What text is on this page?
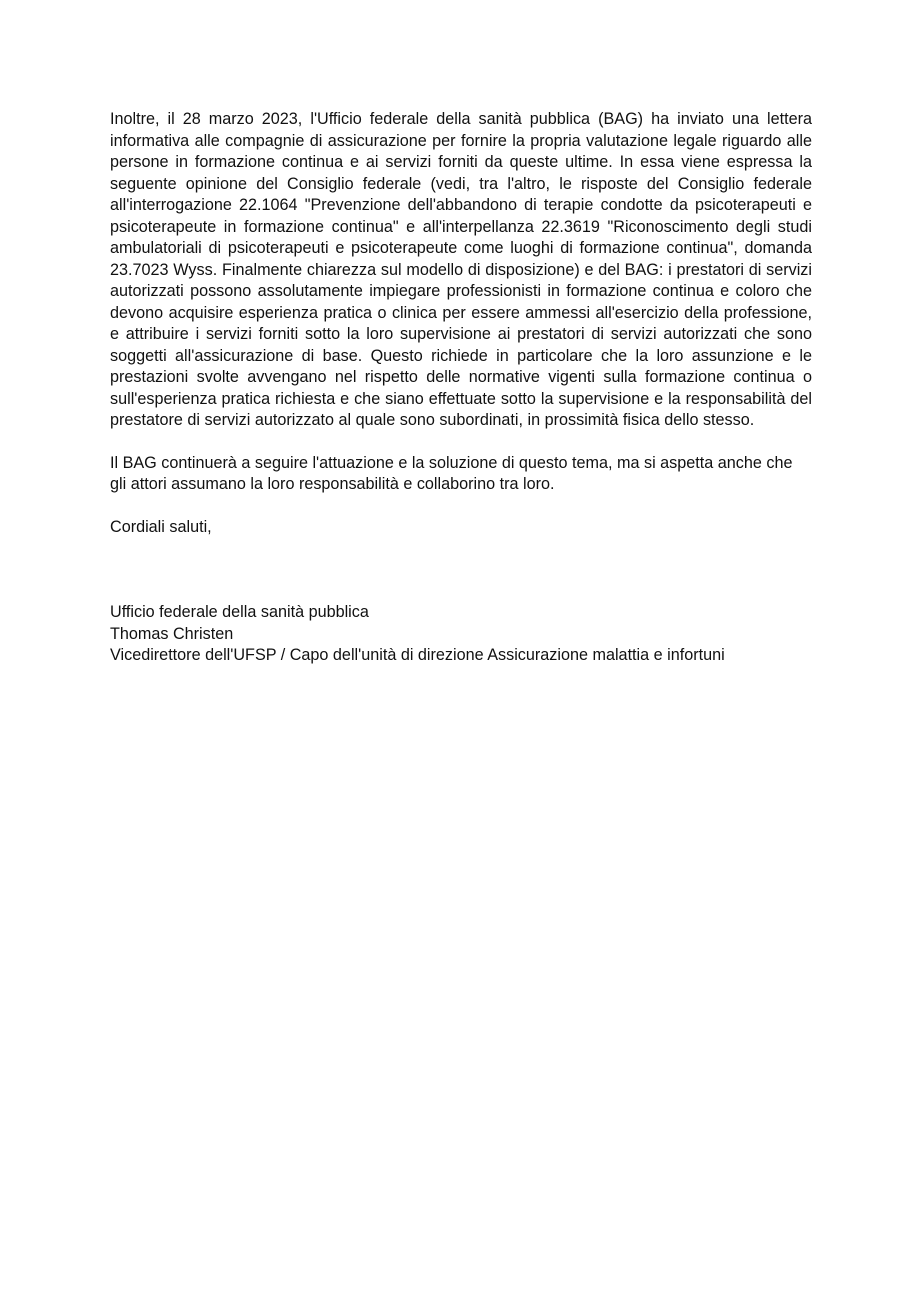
Inoltre, il 28 marzo 2023, l'Ufficio federale della sanità pubblica (BAG) ha inviato una lettera informativa alle compagnie di assicurazione per fornire la propria valutazione legale riguardo alle persone in formazione continua e ai servizi forniti da queste ultime. In essa viene espressa la seguente opinione del Consiglio federale (vedi, tra l'altro, le risposte del Consiglio federale all'interrogazione 22.1064 "Prevenzione dell'abbandono di terapie condotte da psicoterapeuti e psicoterapeute in formazione continua" e all'interpellanza 22.3619 "Riconoscimento degli studi ambulatoriali di psicoterapeuti e psicoterapeute come luoghi di formazione continua", domanda 23.7023 Wyss. Finalmente chiarezza sul modello di disposizione) e del BAG: i prestatori di servizi autorizzati possono assolutamente impiegare professionisti in formazione continua e coloro che devono acquisire esperienza pratica o clinica per essere ammessi all'esercizio della professione, e attribuire i servizi forniti sotto la loro supervisione ai prestatori di servizi autorizzati che sono soggetti all'assicurazione di base. Questo richiede in particolare che la loro assunzione e le prestazioni svolte avvengano nel rispetto delle normative vigenti sulla formazione continua o sull'esperienza pratica richiesta e che siano effettuate sotto la supervisione e la responsabilità del prestatore di servizi autorizzato al quale sono subordinati, in prossimità fisica dello stesso.

Il BAG continuerà a seguire l'attuazione e la soluzione di questo tema, ma si aspetta anche che gli attori assumano la loro responsabilità e collaborino tra loro.

Cordiali saluti,

Ufficio federale della sanità pubblica
Thomas Christen
Vicedirettore dell'UFSP / Capo dell'unità di direzione Assicurazione malattia e infortuni
